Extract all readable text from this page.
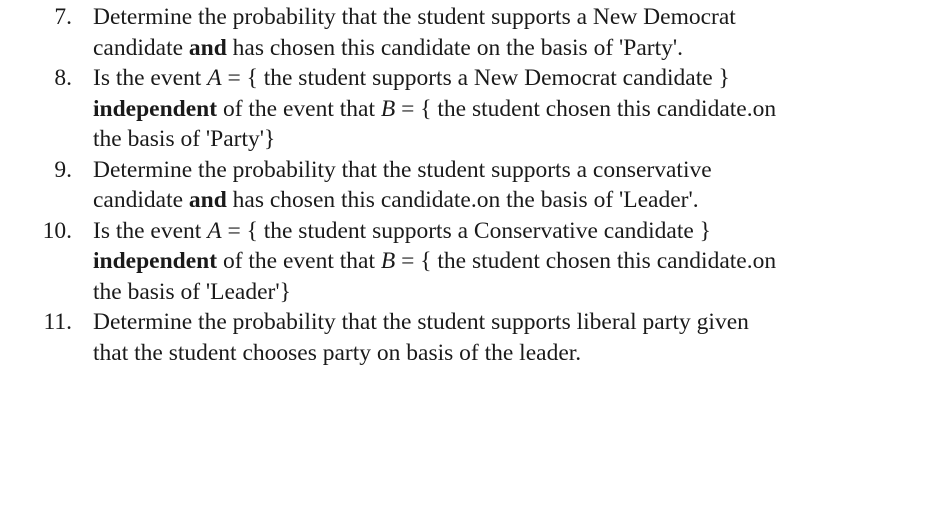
7. Determine the probability that the student supports a New Democrat
candidate and has chosen this candidate on the basis of 'Party'.
8. Is the event A = { the student supports a New Democrat candidate }
independent of the event that B = { the student chosen this candidate.on
the basis of 'Party'}
9. Determine the probability that the student supports a conservative
candidate and has chosen this candidate.on the basis of 'Leader'.
10. Is the event A = { the student supports a Conservative candidate }
independent of the event that B = { the student chosen this candidate.on
the basis of 'Leader'}
11. Determine the probability that the student supports liberal party given
that the student chooses party on basis of the leader.
